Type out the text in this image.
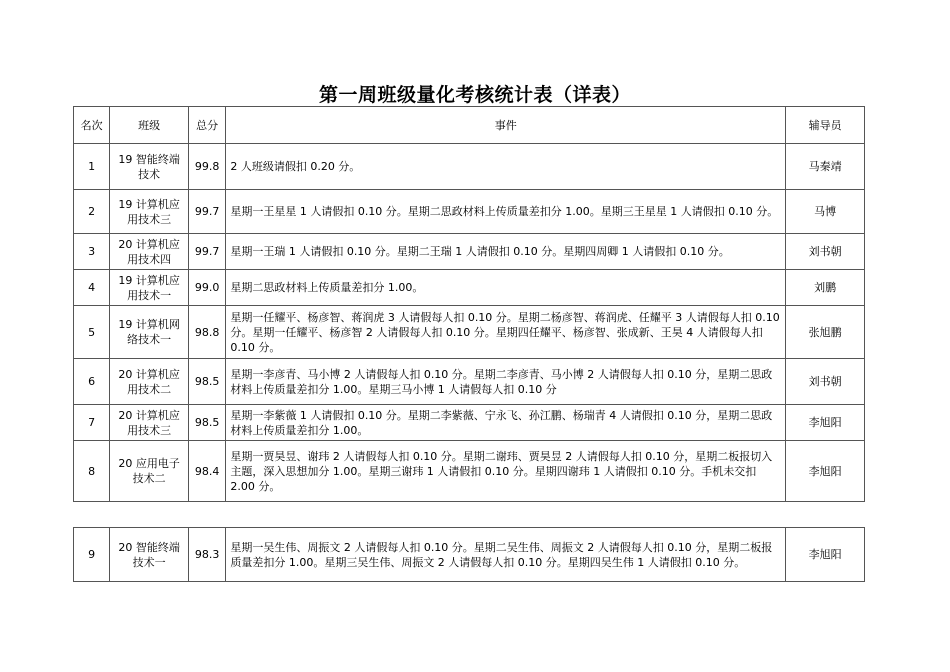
第一周班级量化考核统计表（详表）
名次	班级	总分	事件	辅导员
1	19 智能终端技术	99.8	2 人班级请假扣 0.20 分。	马秦靖
2	19 计算机应用技术三	99.7	星期一王星星 1 人请假扣 0.10 分。星期二思政材料上传质量差扣分 1.00。星期三王星星 1 人请假扣 0.10 分。	马博
3	20 计算机应用技术四	99.7	星期一王瑞 1 人请假扣 0.10 分。星期二王瑞 1 人请假扣 0.10 分。星期四周卿 1 人请假扣 0.10 分。	刘书朝
4	19 计算机应用技术一	99.0	星期二思政材料上传质量差扣分 1.00。	刘鹏
5	19 计算机网络技术一	98.8	星期一任耀平、杨彦智、蒋润虎 3 人请假每人扣 0.10 分。星期二杨彦智、蒋润虎、任耀平 3 人请假每人扣 0.10 分。星期一任耀平、杨彦智 2 人请假每人扣 0.10 分。星期四任耀平、杨彦智、张成新、王昊 4 人请假每人扣 0.10 分。	张旭鹏
6	20 计算机应用技术二	98.5	星期一李彦青、马小博 2 人请假每人扣 0.10 分。星期二李彦青、马小博 2 人请假每人扣 0.10 分，星期二思政材料上传质量差扣分 1.00。星期三马小博 1 人请假每人扣 0.10 分	刘书朝
7	20 计算机应用技术三	98.5	星期一李紫薇 1 人请假扣 0.10 分。星期二李紫薇、宁永飞、孙江鹏、杨瑞青 4 人请假扣 0.10 分，星期二思政材料上传质量差扣分 1.00。	李旭阳
8	20 应用电子技术二	98.4	星期一贾昊昱、谢玮 2 人请假每人扣 0.10 分。星期二谢玮、贾昊昱 2 人请假每人扣 0.10 分，星期二板报切入主题，深入思想加分 1.00。星期三谢玮 1 人请假扣 0.10 分。星期四谢玮 1 人请假扣 0.10 分。手机未交扣 2.00 分。	李旭阳
9	20 智能终端技术一	98.3	星期一吴生伟、周振文 2 人请假每人扣 0.10 分。星期二吴生伟、周振文 2 人请假每人扣 0.10 分，星期二板报质量差扣分 1.00。星期三吴生伟、周振文 2 人请假每人扣 0.10 分。星期四吴生伟 1 人请假扣 0.10 分。	李旭阳
